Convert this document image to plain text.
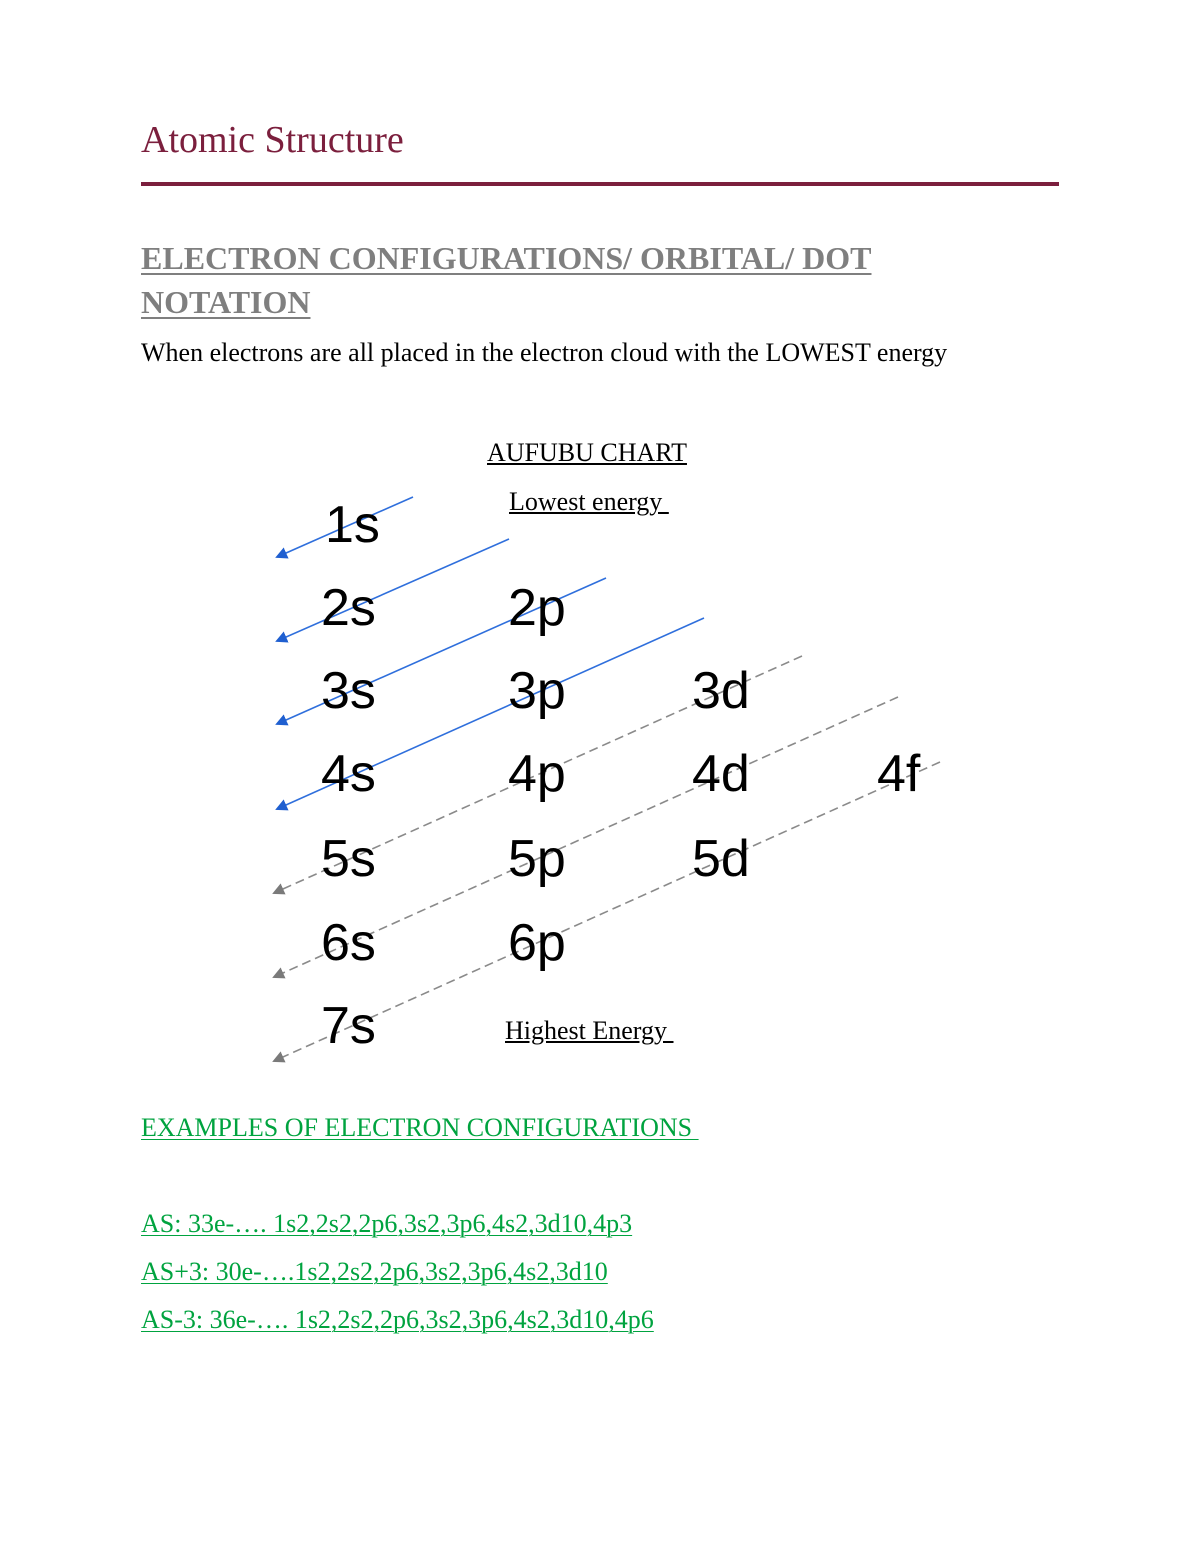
Atomic Structure
ELECTRON CONFIGURATIONS/ ORBITAL/ DOT
NOTATION
When electrons are all placed in the electron cloud with the LOWEST energy
AUFUBU CHART
Lowest energy
Highest Energy
1s
2s	2p
3s	3p 3d
4s	4p 4d 4f
5s	5p 5d
6s	6p
7s
EXAMPLES OF ELECTRON CONFIGURATIONS
AS: 33e-…. 1s2,2s2,2p6,3s2,3p6,4s2,3d10,4p3
AS+3: 30e-….1s2,2s2,2p6,3s2,3p6,4s2,3d10
AS-3: 36e-…. 1s2,2s2,2p6,3s2,3p6,4s2,3d10,4p6
